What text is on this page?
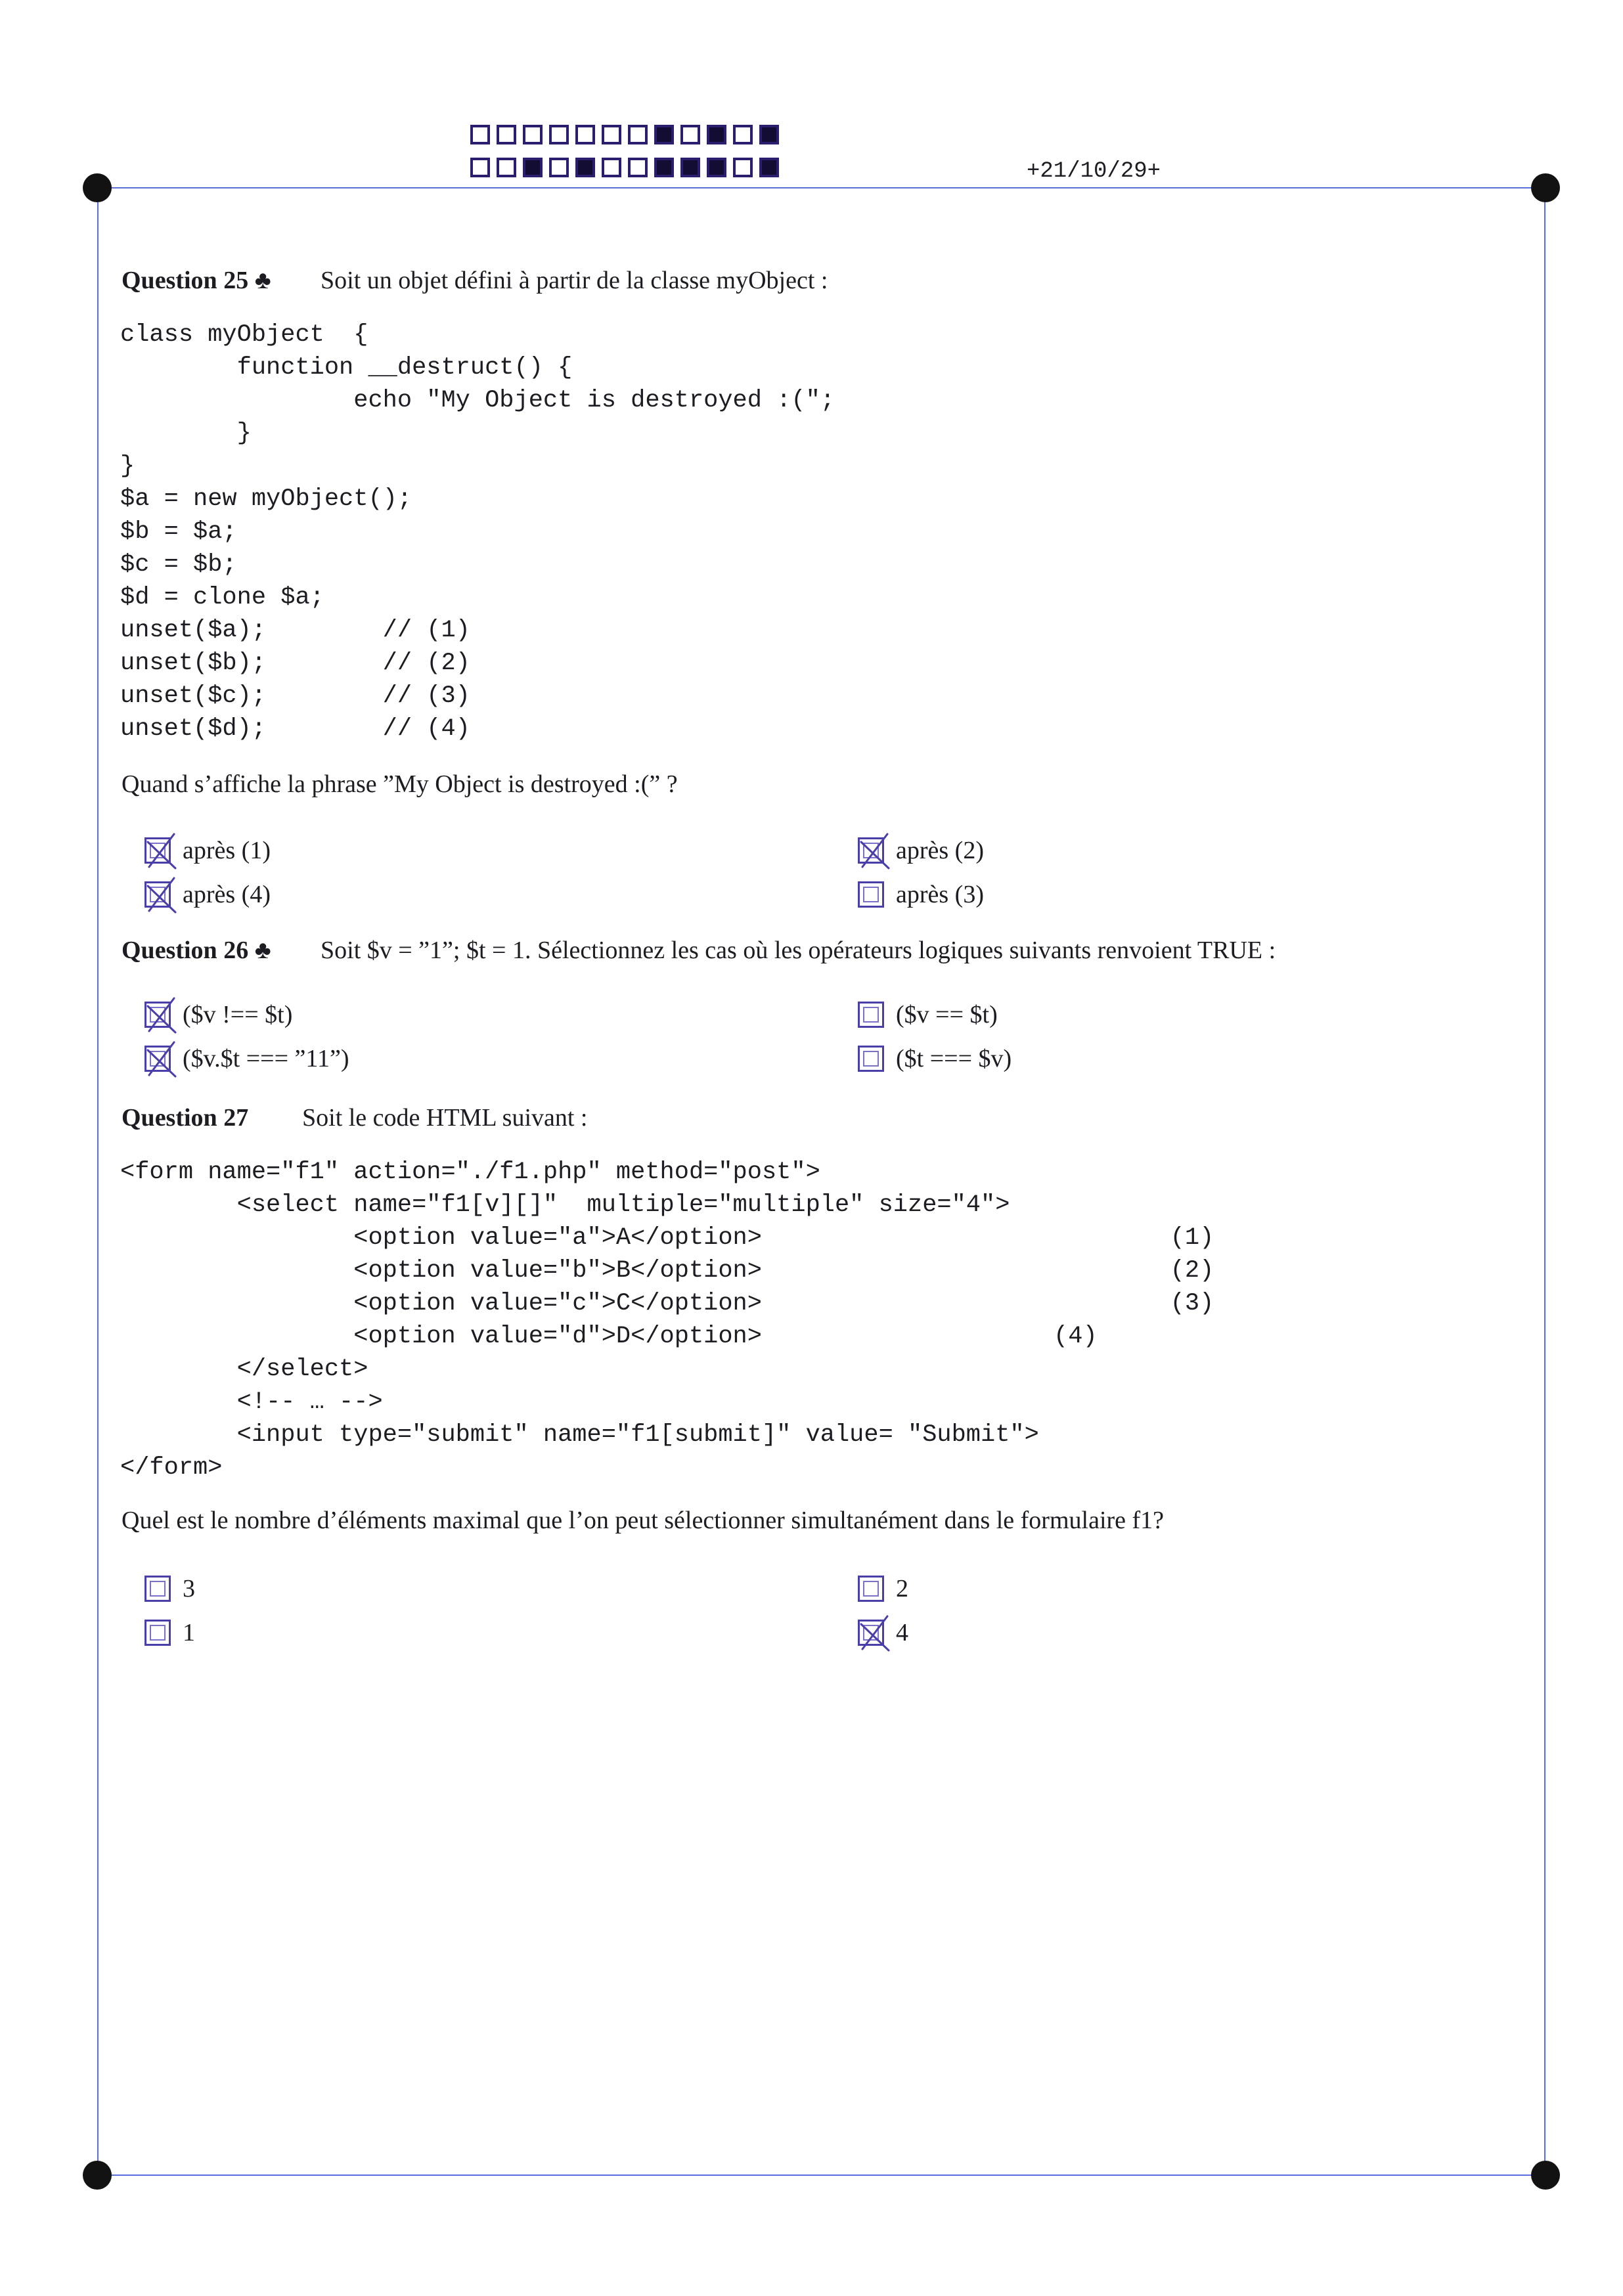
+21/10/29+
Question 25 ♣ Soit un objet défini à partir de la classe myObject :
class myObject  {
function __destruct() {
echo "My Object is destroyed :(";
}
}
$a = new myObject();
$b = $a;
$c = $b;
$d = clone $a;
unset($a);        // (1)
unset($b);        // (2)
unset($c);        // (3)
unset($d);        // (4)
Quand s’affiche la phrase ”My Object is destroyed :(” ?
après (1)	après (2)
après (4)	après (3)
Question 26 ♣ Soit $v = ”1”; $t = 1. Sélectionnez les cas où les opérateurs logiques suivants renvoient TRUE :
($v !== $t)	($v == $t)
($v.$t === ”11”)	($t === $v)
Question 27 Soit le code HTML suivant :
<form name="f1" action="./f1.php" method="post">
<select name="f1[v][]"  multiple="multiple" size="4">
<option value="a">A</option>                            (1)
<option value="b">B</option>                            (2)
<option value="c">C</option>                            (3)
<option value="d">D</option>                    (4)
</select>
<!-- … -->
<input type="submit" name="f1[submit]" value= "Submit">
</form>
Quel est le nombre d’éléments maximal que l’on peut sélectionner simultanément dans le formulaire f1?
3	2
1	4
